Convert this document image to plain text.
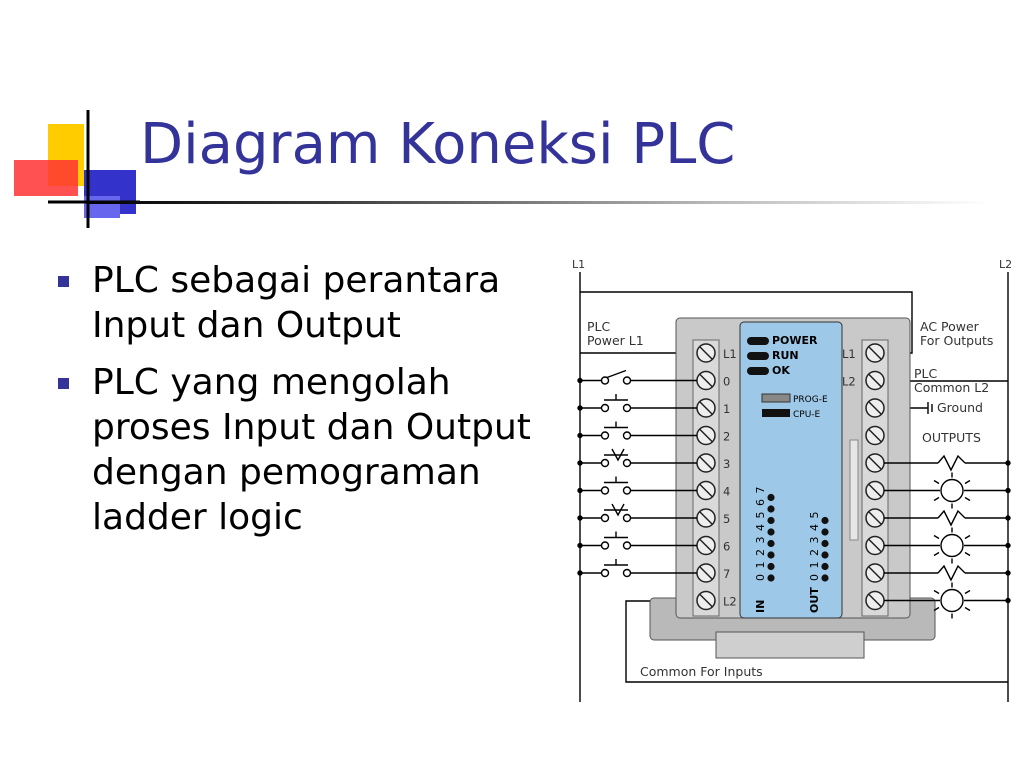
Diagram Koneksi PLC
PLC sebagai perantara Input dan Output
PLC yang mengolah proses Input dan Output dengan pemograman ladder logic
L1
0
1
2
3
4
5
6
7
L2
L1
L2
POWER
RUN
OK
PROG-E
CPU-E
0 1 2 3 4 5 6 7	0 1 2 3 4 5
IN	OUT
L1	L2
PLC Power L1
AC Power For Outputs
PLC Common L2
Ground
OUTPUTS
Common For Inputs
